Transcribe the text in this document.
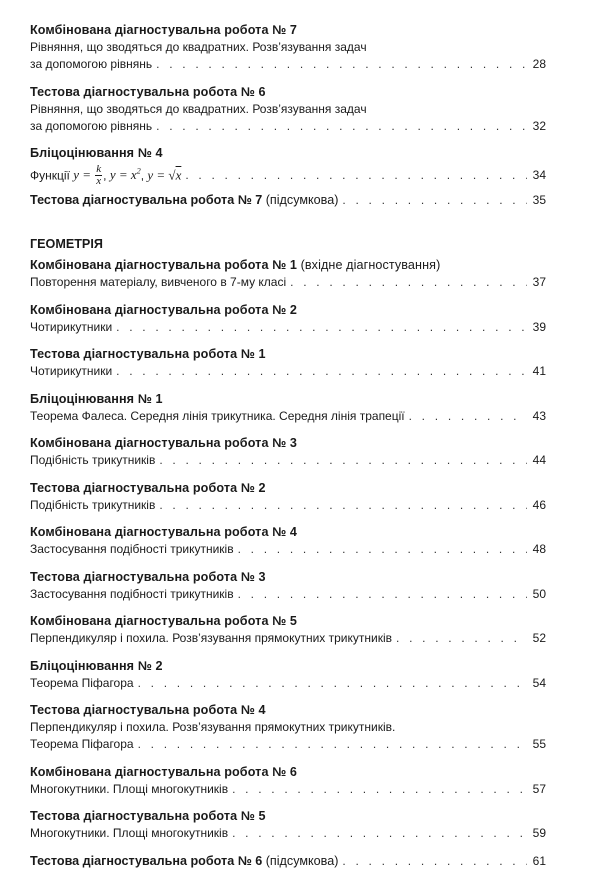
Комбінована діагностувальна робота № 7
Рівняння, що зводяться до квадратних. Розв’язування задач
за допомогою рівнянь . . .	28
Тестова діагностувальна робота № 6
Рівняння, що зводяться до квадратних. Розв’язування задач
за допомогою рівнянь . . .	32
Бліцоцінювання № 4
Функції $y = \frac{k}{x}$ , $y = x^2$, y = √x . . .	34
Тестова діагностувальна робота № 7 (підсумкова) . . .	35
ГЕОМЕТРІЯ
Комбінована діагностувальна робота № 1 (вхідне діагностування)
Повторення матеріалу, вивченого в 7-му класі . . .	37
Комбінована діагностувальна робота № 2
Чотирикутники . . .	39
Тестова діагностувальна робота № 1
Чотирикутники . . .	41
Бліцоцінювання № 1
Теорема Фалеса. Середня лінія трикутника. Середня лінія трапеції . . .	43
Комбінована діагностувальна робота № 3
Подібність трикутників . . .	44
Тестова діагностувальна робота № 2
Подібність трикутників . . .	46
Комбінована діагностувальна робота № 4
Застосування подібності трикутників . . .	48
Тестова діагностувальна робота № 3
Застосування подібності трикутників . . .	50
Комбінована діагностувальна робота № 5
Перпендикуляр і похила. Розв’язування прямокутних трикутників . . .	52
Бліцоцінювання № 2
Теорема Піфагора . . .	54
Тестова діагностувальна робота № 4
Перпендикуляр і похила. Розв’язування прямокутних трикутників.
Теорема Піфагора . . .	55
Комбінована діагностувальна робота № 6
Многокутники. Площі многокутників . . .	57
Тестова діагностувальна робота № 5
Многокутники. Площі многокутників . . .	59
Тестова діагностувальна робота № 6 (підсумкова) . . .	61
